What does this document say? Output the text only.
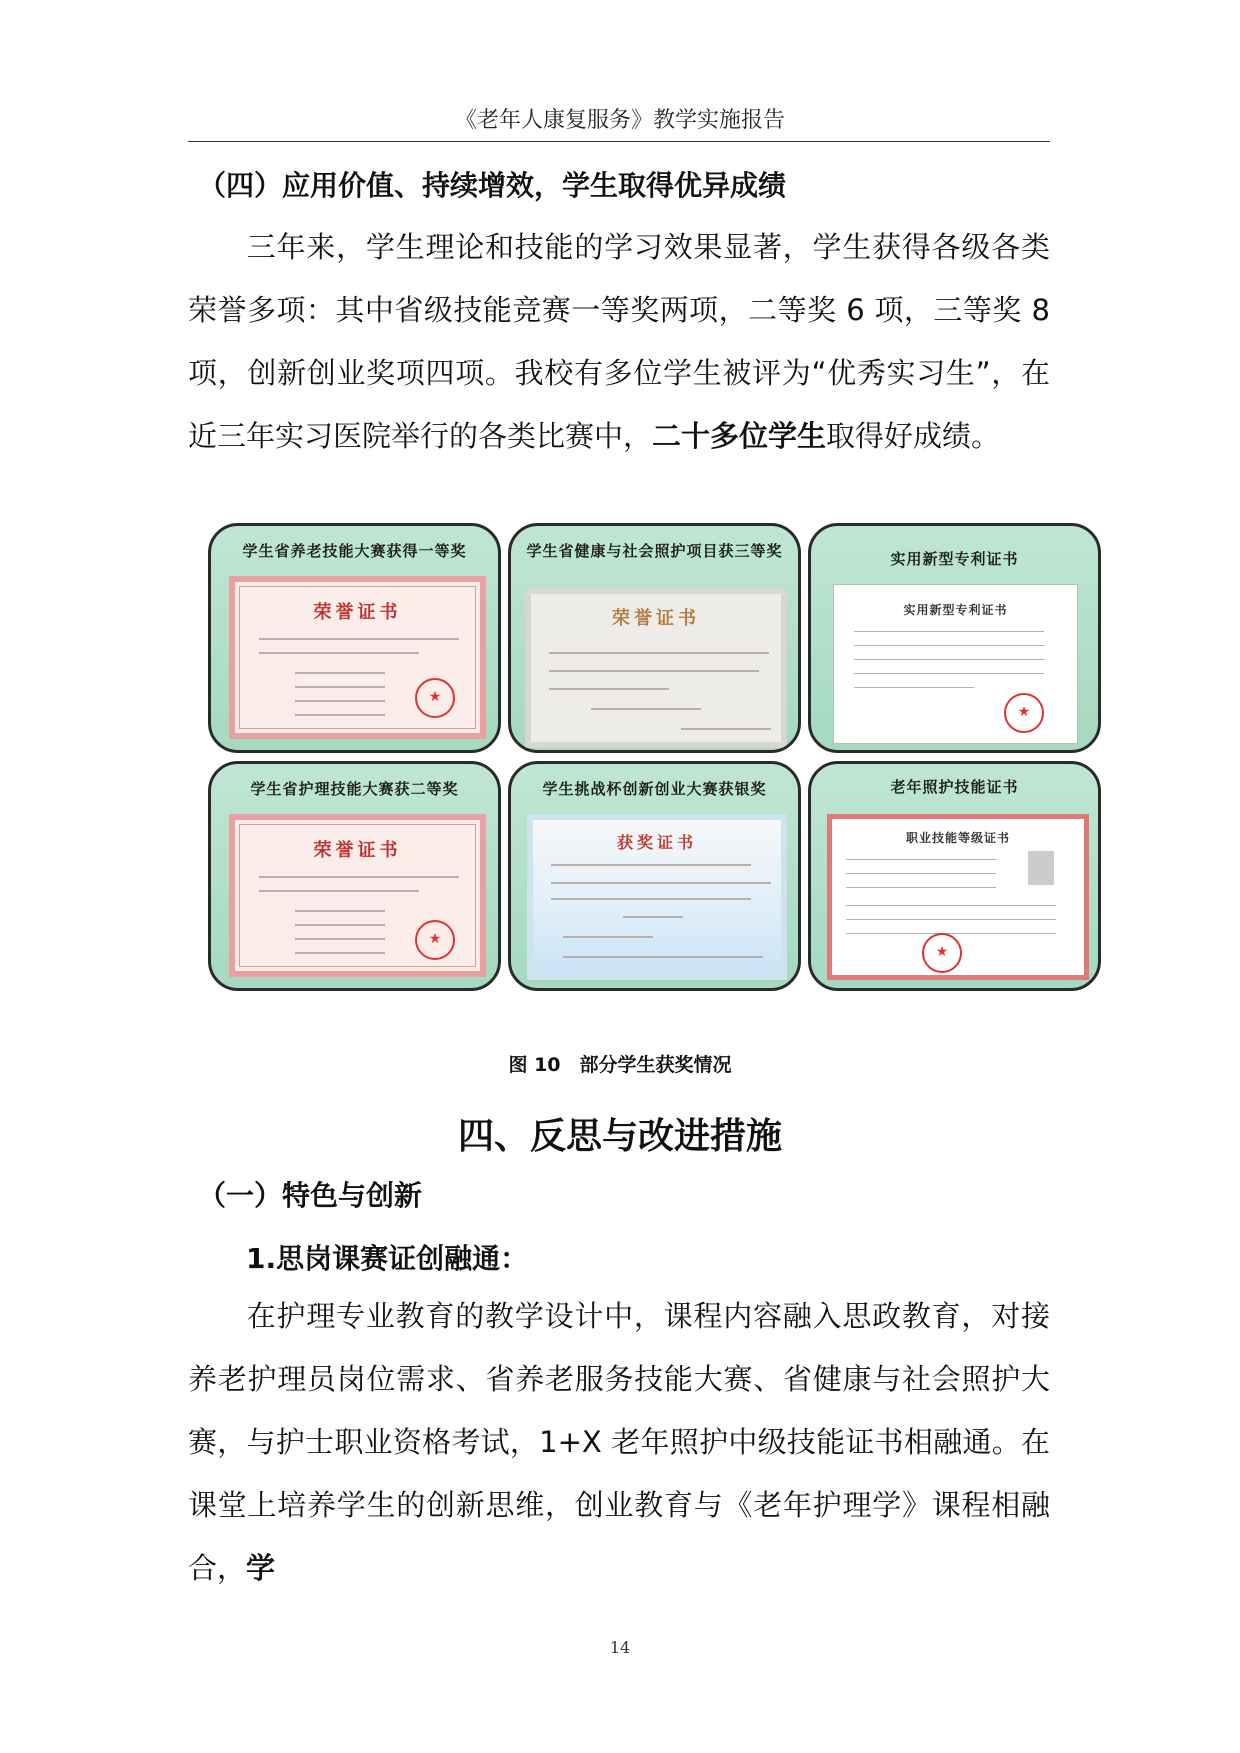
《老年人康复服务》教学实施报告
（四）应用价值、持续增效，学生取得优异成绩
三年来，学生理论和技能的学习效果显著，学生获得各级各类荣誉多项：其中省级技能竞赛一等奖两项，二等奖 6 项，三等奖 8 项，创新创业奖项四项。我校有多位学生被评为“优秀实习生”，在近三年实习医院举行的各类比赛中，二十多位学生取得好成绩。
学生省养老技能大赛获得一等奖
荣誉证书
★
学生省健康与社会照护项目获三等奖
荣誉证书
实用新型专利证书
实用新型专利证书
★
学生省护理技能大赛获二等奖
荣誉证书
★
学生挑战杯创新创业大赛获银奖
获奖证书
老年照护技能证书
职业技能等级证书
★
图 10　部分学生获奖情况
四、反思与改进措施
（一）特色与创新
1.思岗课赛证创融通：
在护理专业教育的教学设计中，课程内容融入思政教育，对接养老护理员岗位需求、省养老服务技能大赛、省健康与社会照护大赛，与护士职业资格考试，1+X 老年照护中级技能证书相融通。在课堂上培养学生的创新思维，创业教育与《老年护理学》课程相融合，学
14
